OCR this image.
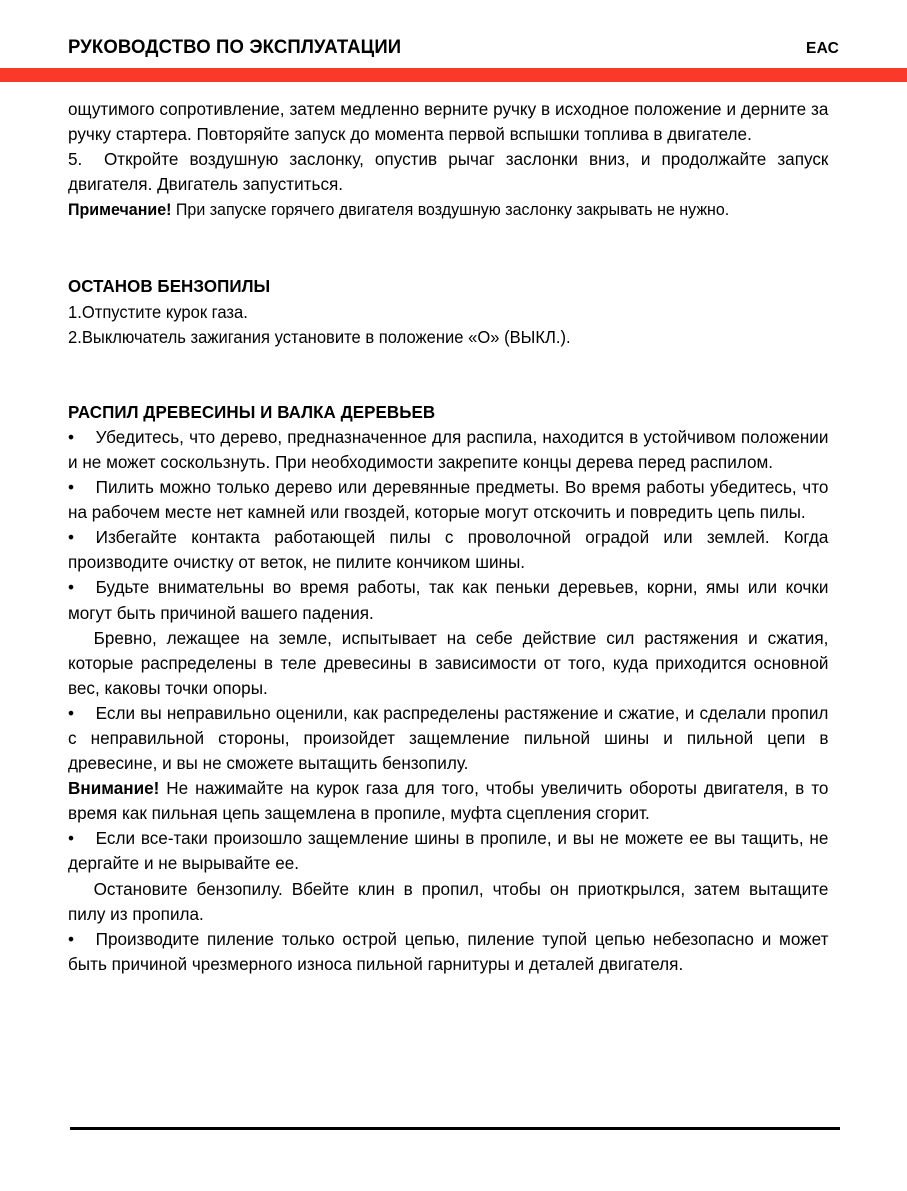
РУКОВОДСТВО ПО ЭКСПЛУАТАЦИИ	ЕАС

ощутимого сопротивление, затем медленно верните ручку в исходное положение и дерните за ручку стартера. Повторяйте запуск до момента первой вспышки топлива в двигателе.

5. Откройте воздушную заслонку, опустив рычаг заслонки вниз, и продолжайте запуск двигателя. Двигатель запуститься.

Примечание! При запуске горячего двигателя воздушную заслонку закрывать не нужно.

ОСТАНОВ БЕНЗОПИЛЫ

1.Отпустите курок газа.

2.Выключатель зажигания установите в положение «О» (ВЫКЛ.).

РАСПИЛ ДРЕВЕСИНЫ И ВАЛКА ДЕРЕВЬЕВ

• Убедитесь, что дерево, предназначенное для распила, находится в устойчивом положении и не может соскользнуть. При необходимости закрепите концы дерева перед распилом.

• Пилить можно только дерево или деревянные предметы. Во время работы убедитесь, что на рабочем месте нет камней или гвоздей, которые могут отскочить и повредить цепь пилы.

• Избегайте контакта работающей пилы с проволочной оградой или землей. Когда производите очистку от веток, не пилите кончиком шины.

• Будьте внимательны во время работы, так как пеньки деревьев, корни, ямы или кочки могут быть причиной вашего падения.

Бревно, лежащее на земле, испытывает на себе действие сил растяжения и сжатия, которые распределены в теле древесины в зависимости от того, куда приходится основной вес, каковы точки опоры.

• Если вы неправильно оценили, как распределены растяжение и сжатие, и сделали пропил с неправильной стороны, произойдет защемление пильной шины и пильной цепи в древесине, и вы не сможете вытащить бензопилу.

Внимание! Не нажимайте на курок газа для того, чтобы увеличить обороты двигателя, в то время как пильная цепь защемлена в пропиле, муфта сцепления сгорит.

• Если все-таки произошло защемление шины в пропиле, и вы не можете ее вы тащить, не дергайте и не вырывайте ее.

Остановите бензопилу. Вбейте клин в пропил, чтобы он приоткрылся, затем вытащите пилу из пропила.

• Производите пиление только острой цепью, пиление тупой цепью небезопасно и может быть причиной чрезмерного износа пильной гарнитуры и деталей двигателя.
